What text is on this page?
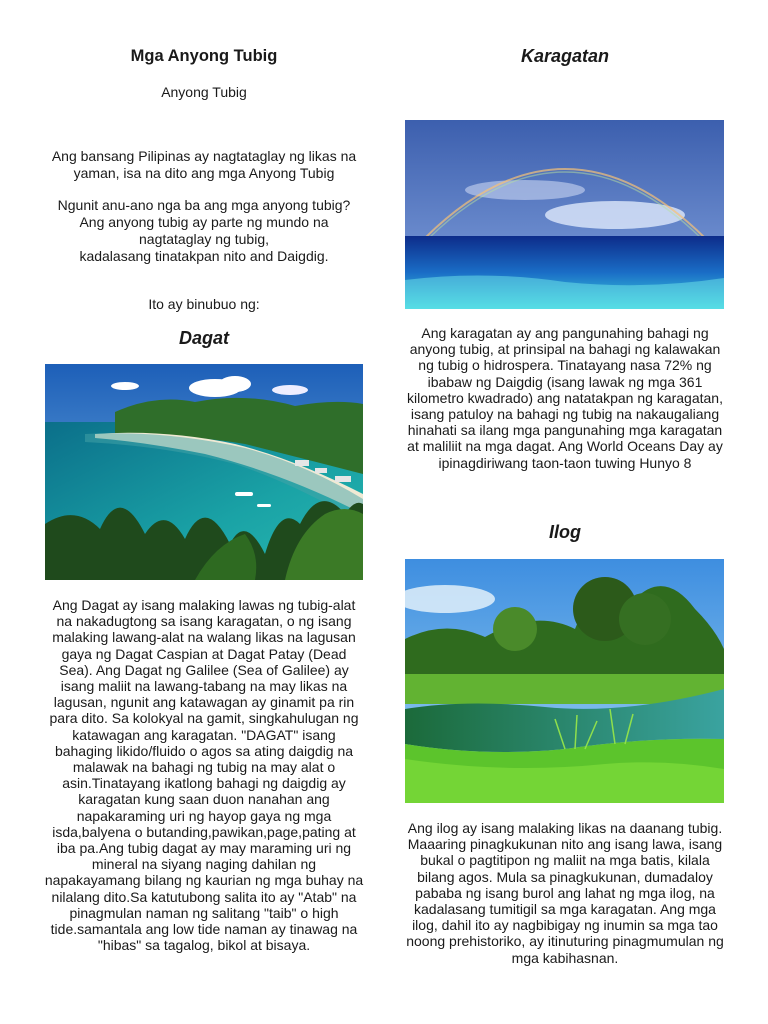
Mga Anyong Tubig

Anyong Tubig

Ang bansang Pilipinas ay nagtataglay ng likas na yaman, isa na dito ang mga Anyong Tubig

Ngunit anu-ano nga ba ang mga anyong tubig?
Ang anyong tubig ay parte ng mundo na nagtataglay ng tubig,
kadalasang tinatakpan nito and Daigdig.

Ito ay binubuo ng:

Dagat

Ang Dagat ay isang malaking lawas ng tubig-alat na nakadugtong sa isang karagatan, o ng isang malaking lawang-alat na walang likas na lagusan gaya ng Dagat Caspian at Dagat Patay (Dead Sea). Ang Dagat ng Galilee (Sea of Galilee) ay isang maliit na lawang-tabang na may likas na lagusan, ngunit ang katawagan ay ginamit pa rin para dito. Sa kolokyal na gamit, singkahulugan ng katawagan ang karagatan. "DAGAT" isang bahaging likido/fluido o agos sa ating daigdig na malawak na bahagi ng tubig na may alat o asin.Tinatayang ikatlong bahagi ng daigdig ay karagatan kung saan duon nanahan ang napakaraming uri ng hayop gaya ng mga isda,balyena o butanding,pawikan,page,pating at iba pa.Ang tubig dagat ay may maraming uri ng mineral na siyang naging dahilan ng napakayamang bilang ng kaurian ng mga buhay na nilalang dito.Sa katutubong salita ito ay "Atab" na pinagmulan naman ng salitang "taib" o high tide.samantala ang low tide naman ay tinawag na "hibas" sa tagalog, bikol at bisaya.

Karagatan

Ang karagatan ay ang pangunahing bahagi ng anyong tubig, at prinsipal na bahagi ng kalawakan ng tubig o hidrospera. Tinatayang nasa 72% ng ibabaw ng Daigdig (isang lawak ng mga 361 kilometro kwadrado) ang natatakpan ng karagatan, isang patuloy na bahagi ng tubig na nakaugaliang hinahati sa ilang mga pangunahing mga karagatan at maliliit na mga dagat. Ang World Oceans Day ay ipinagdiriwang taon-taon tuwing Hunyo 8

Ilog

Ang ilog ay isang malaking likas na daanang tubig. Maaaring pinagkukunan nito ang isang lawa, isang bukal o pagtitipon ng maliit na mga batis, kilala bilang agos. Mula sa pinagkukunan, dumadaloy pababa ng isang burol ang lahat ng mga ilog, na kadalasang tumitigil sa mga karagatan. Ang mga ilog, dahil ito ay nagbibigay ng inumin sa mga tao noong prehistoriko, ay itinuturing pinagmumulan ng mga kabihasnan.
